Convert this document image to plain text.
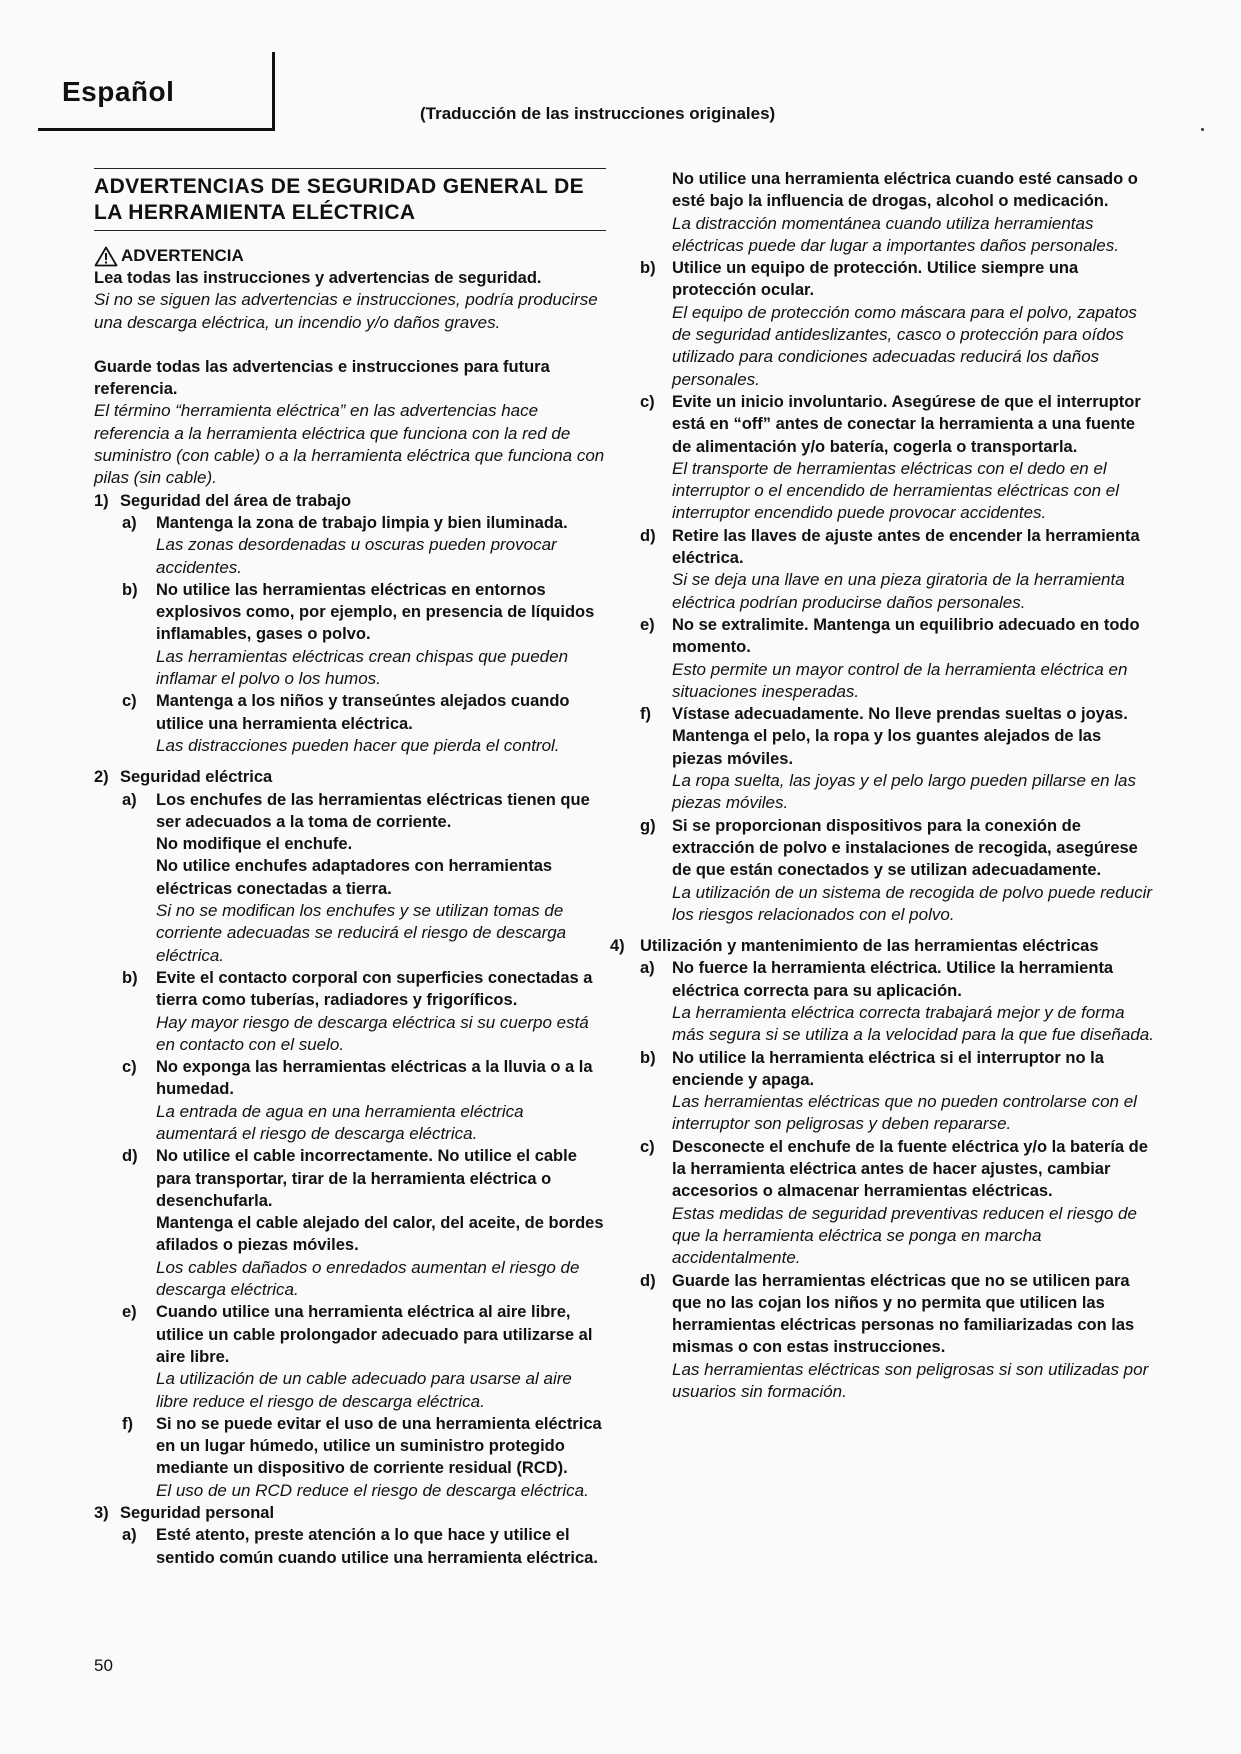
Español
(Traducción de las instrucciones originales)
ADVERTENCIAS DE SEGURIDAD GENERAL DE
LA HERRAMIENTA ELÉCTRICA
ADVERTENCIA

Lea todas las instrucciones y advertencias de seguridad.

Si no se siguen las advertencias e instrucciones, podría producirse una descarga eléctrica, un incendio y/o daños graves.

Guarde todas las advertencias e instrucciones para futura referencia.

El término “herramienta eléctrica” en las advertencias hace referencia a la herramienta eléctrica que funciona con la red de suministro (con cable) o a la herramienta eléctrica que funciona con pilas (sin cable).

1) Seguridad del área de trabajo
a)	Mantenga la zona de trabajo limpia y bien iluminada.

Las zonas desordenadas u oscuras pueden provocar accidentes.

b)	No utilice las herramientas eléctricas en entornos explosivos como, por ejemplo, en presencia de líquidos inflamables, gases o polvo.

Las herramientas eléctricas crean chispas que pueden inflamar el polvo o los humos.

c)	Mantenga a los niños y transeúntes alejados cuando utilice una herramienta eléctrica.

Las distracciones pueden hacer que pierda el control.

2) Seguridad eléctrica
a)	Los enchufes de las herramientas eléctricas tienen que ser adecuados a la toma de corriente.

No modifique el enchufe.

No utilice enchufes adaptadores con herramientas eléctricas conectadas a tierra.

Si no se modifican los enchufes y se utilizan tomas de corriente adecuadas se reducirá el riesgo de descarga eléctrica.

b)	Evite el contacto corporal con superficies conectadas a tierra como tuberías, radiadores y frigoríficos.

Hay mayor riesgo de descarga eléctrica si su cuerpo está en contacto con el suelo.

c)	No exponga las herramientas eléctricas a la lluvia o a la humedad.

La entrada de agua en una herramienta eléctrica aumentará el riesgo de descarga eléctrica.

d)	No utilice el cable incorrectamente. No utilice el cable para transportar, tirar de la herramienta eléctrica o desenchufarla.

Mantenga el cable alejado del calor, del aceite, de bordes afilados o piezas móviles.

Los cables dañados o enredados aumentan el riesgo de descarga eléctrica.

e)	Cuando utilice una herramienta eléctrica al aire libre, utilice un cable prolongador adecuado para utilizarse al aire libre.

La utilización de un cable adecuado para usarse al aire libre reduce el riesgo de descarga eléctrica.

f)	Si no se puede evitar el uso de una herramienta eléctrica en un lugar húmedo, utilice un suministro protegido mediante un dispositivo de corriente residual (RCD).

El uso de un RCD reduce el riesgo de descarga eléctrica.

3) Seguridad personal
a)	Esté atento, preste atención a lo que hace y utilice el sentido común cuando utilice una herramienta eléctrica.

No utilice una herramienta eléctrica cuando esté cansado o esté bajo la influencia de drogas, alcohol o medicación.

La distracción momentánea cuando utiliza herramientas eléctricas puede dar lugar a importantes daños personales.

b) Utilice un equipo de protección. Utilice siempre una protección ocular.

El equipo de protección como máscara para el polvo, zapatos de seguridad antideslizantes, casco o protección para oídos utilizado para condiciones adecuadas reducirá los daños personales.

c)	Evite un inicio involuntario. Asegúrese de que el interruptor está en “off” antes de conectar la herramienta a una fuente de alimentación y/o batería, cogerla o transportarla.

El transporte de herramientas eléctricas con el dedo en el interruptor o el encendido de herramientas eléctricas con el interruptor encendido puede provocar accidentes.

d) Retire las llaves de ajuste antes de encender la herramienta eléctrica.

Si se deja una llave en una pieza giratoria de la herramienta eléctrica podrían producirse daños personales.

e)	No se extralimite. Mantenga un equilibrio adecuado en todo momento.

Esto permite un mayor control de la herramienta eléctrica en situaciones inesperadas.

f)	Vístase adecuadamente. No lleve prendas sueltas o joyas. Mantenga el pelo, la ropa y los guantes alejados de las piezas móviles.

La ropa suelta, las joyas y el pelo largo pueden pillarse en las piezas móviles.

g) Si se proporcionan dispositivos para la conexión de extracción de polvo e instalaciones de recogida, asegúrese de que están conectados y se utilizan adecuadamente.

La utilización de un sistema de recogida de polvo puede reducir los riesgos relacionados con el polvo.

4) Utilización y mantenimiento de las herramientas eléctricas
a)	No fuerce la herramienta eléctrica. Utilice la herramienta eléctrica correcta para su aplicación.

La herramienta eléctrica correcta trabajará mejor y de forma más segura si se utiliza a la velocidad para la que fue diseñada.

b) No utilice la herramienta eléctrica si el interruptor no la enciende y apaga.

Las herramientas eléctricas que no pueden controlarse con el interruptor son peligrosas y deben repararse.

c)	Desconecte el enchufe de la fuente eléctrica y/o la batería de la herramienta eléctrica antes de hacer ajustes, cambiar accesorios o almacenar herramientas eléctricas.

Estas medidas de seguridad preventivas reducen el riesgo de que la herramienta eléctrica se ponga en marcha accidentalmente.

d) Guarde las herramientas eléctricas que no se utilicen para que no las cojan los niños y no permita que utilicen las herramientas eléctricas personas no familiarizadas con las mismas o con estas instrucciones.

Las herramientas eléctricas son peligrosas si son utilizadas por usuarios sin formación.

50
